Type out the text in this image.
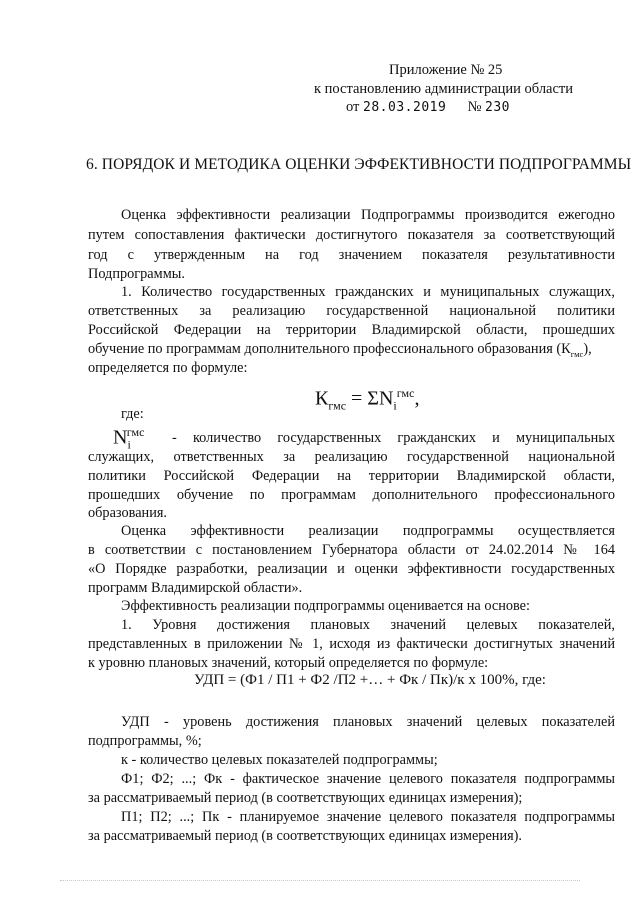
Приложение № 25
к постановлению администрации области
от 28.03.2019 № 230
6. ПОРЯДОК И МЕТОДИКА ОЦЕНКИ ЭФФЕКТИВНОСТИ ПОДПРОГРАММЫ
Оценка эффективности реализации Подпрограммы производится ежегодно
путем сопоставления фактически достигнутого показателя за соответствующий
год с утвержденным на год значением показателя результативности
Подпрограммы.
1. Количество государственных гражданских и муниципальных служащих,
ответственных за реализацию государственной национальной политики
Российской Федерации на территории Владимирской области, прошедших
обучение по программам дополнительного профессионального образования $(К_{гмс})$,
определяется по формуле:
$К_{гмс} = \Sigma N_i^{гмс}$,
где:
$N_i^{гмс}$ - количество государственных гражданских и муниципальных
служащих, ответственных за реализацию государственной национальной
политики Российской Федерации на территории Владимирской области,
прошедших обучение по программам дополнительного профессионального
образования.
Оценка эффективности реализации подпрограммы осуществляется
в соответствии с постановлением Губернатора области от 24.02.2014 № 164
«О Порядке разработки, реализации и оценки эффективности государственных
программ Владимирской области».
Эффективность реализации подпрограммы оценивается на основе:
1. Уровня достижения плановых значений целевых показателей,
представленных в приложении № 1, исходя из фактически достигнутых значений
к уровню плановых значений, который определяется по формуле:
УДП = (Ф1 / П1 + Ф2 /П2 +… + Фк / Пк)/к х 100%, где:
УДП - уровень достижения плановых значений целевых показателей
подпрограммы, %;
к - количество целевых показателей подпрограммы;
Ф1; Ф2; ...; Фк - фактическое значение целевого показателя подпрограммы
за рассматриваемый период (в соответствующих единицах измерения);
П1; П2; ...; Пк - планируемое значение целевого показателя подпрограммы
за рассматриваемый период (в соответствующих единицах измерения).
